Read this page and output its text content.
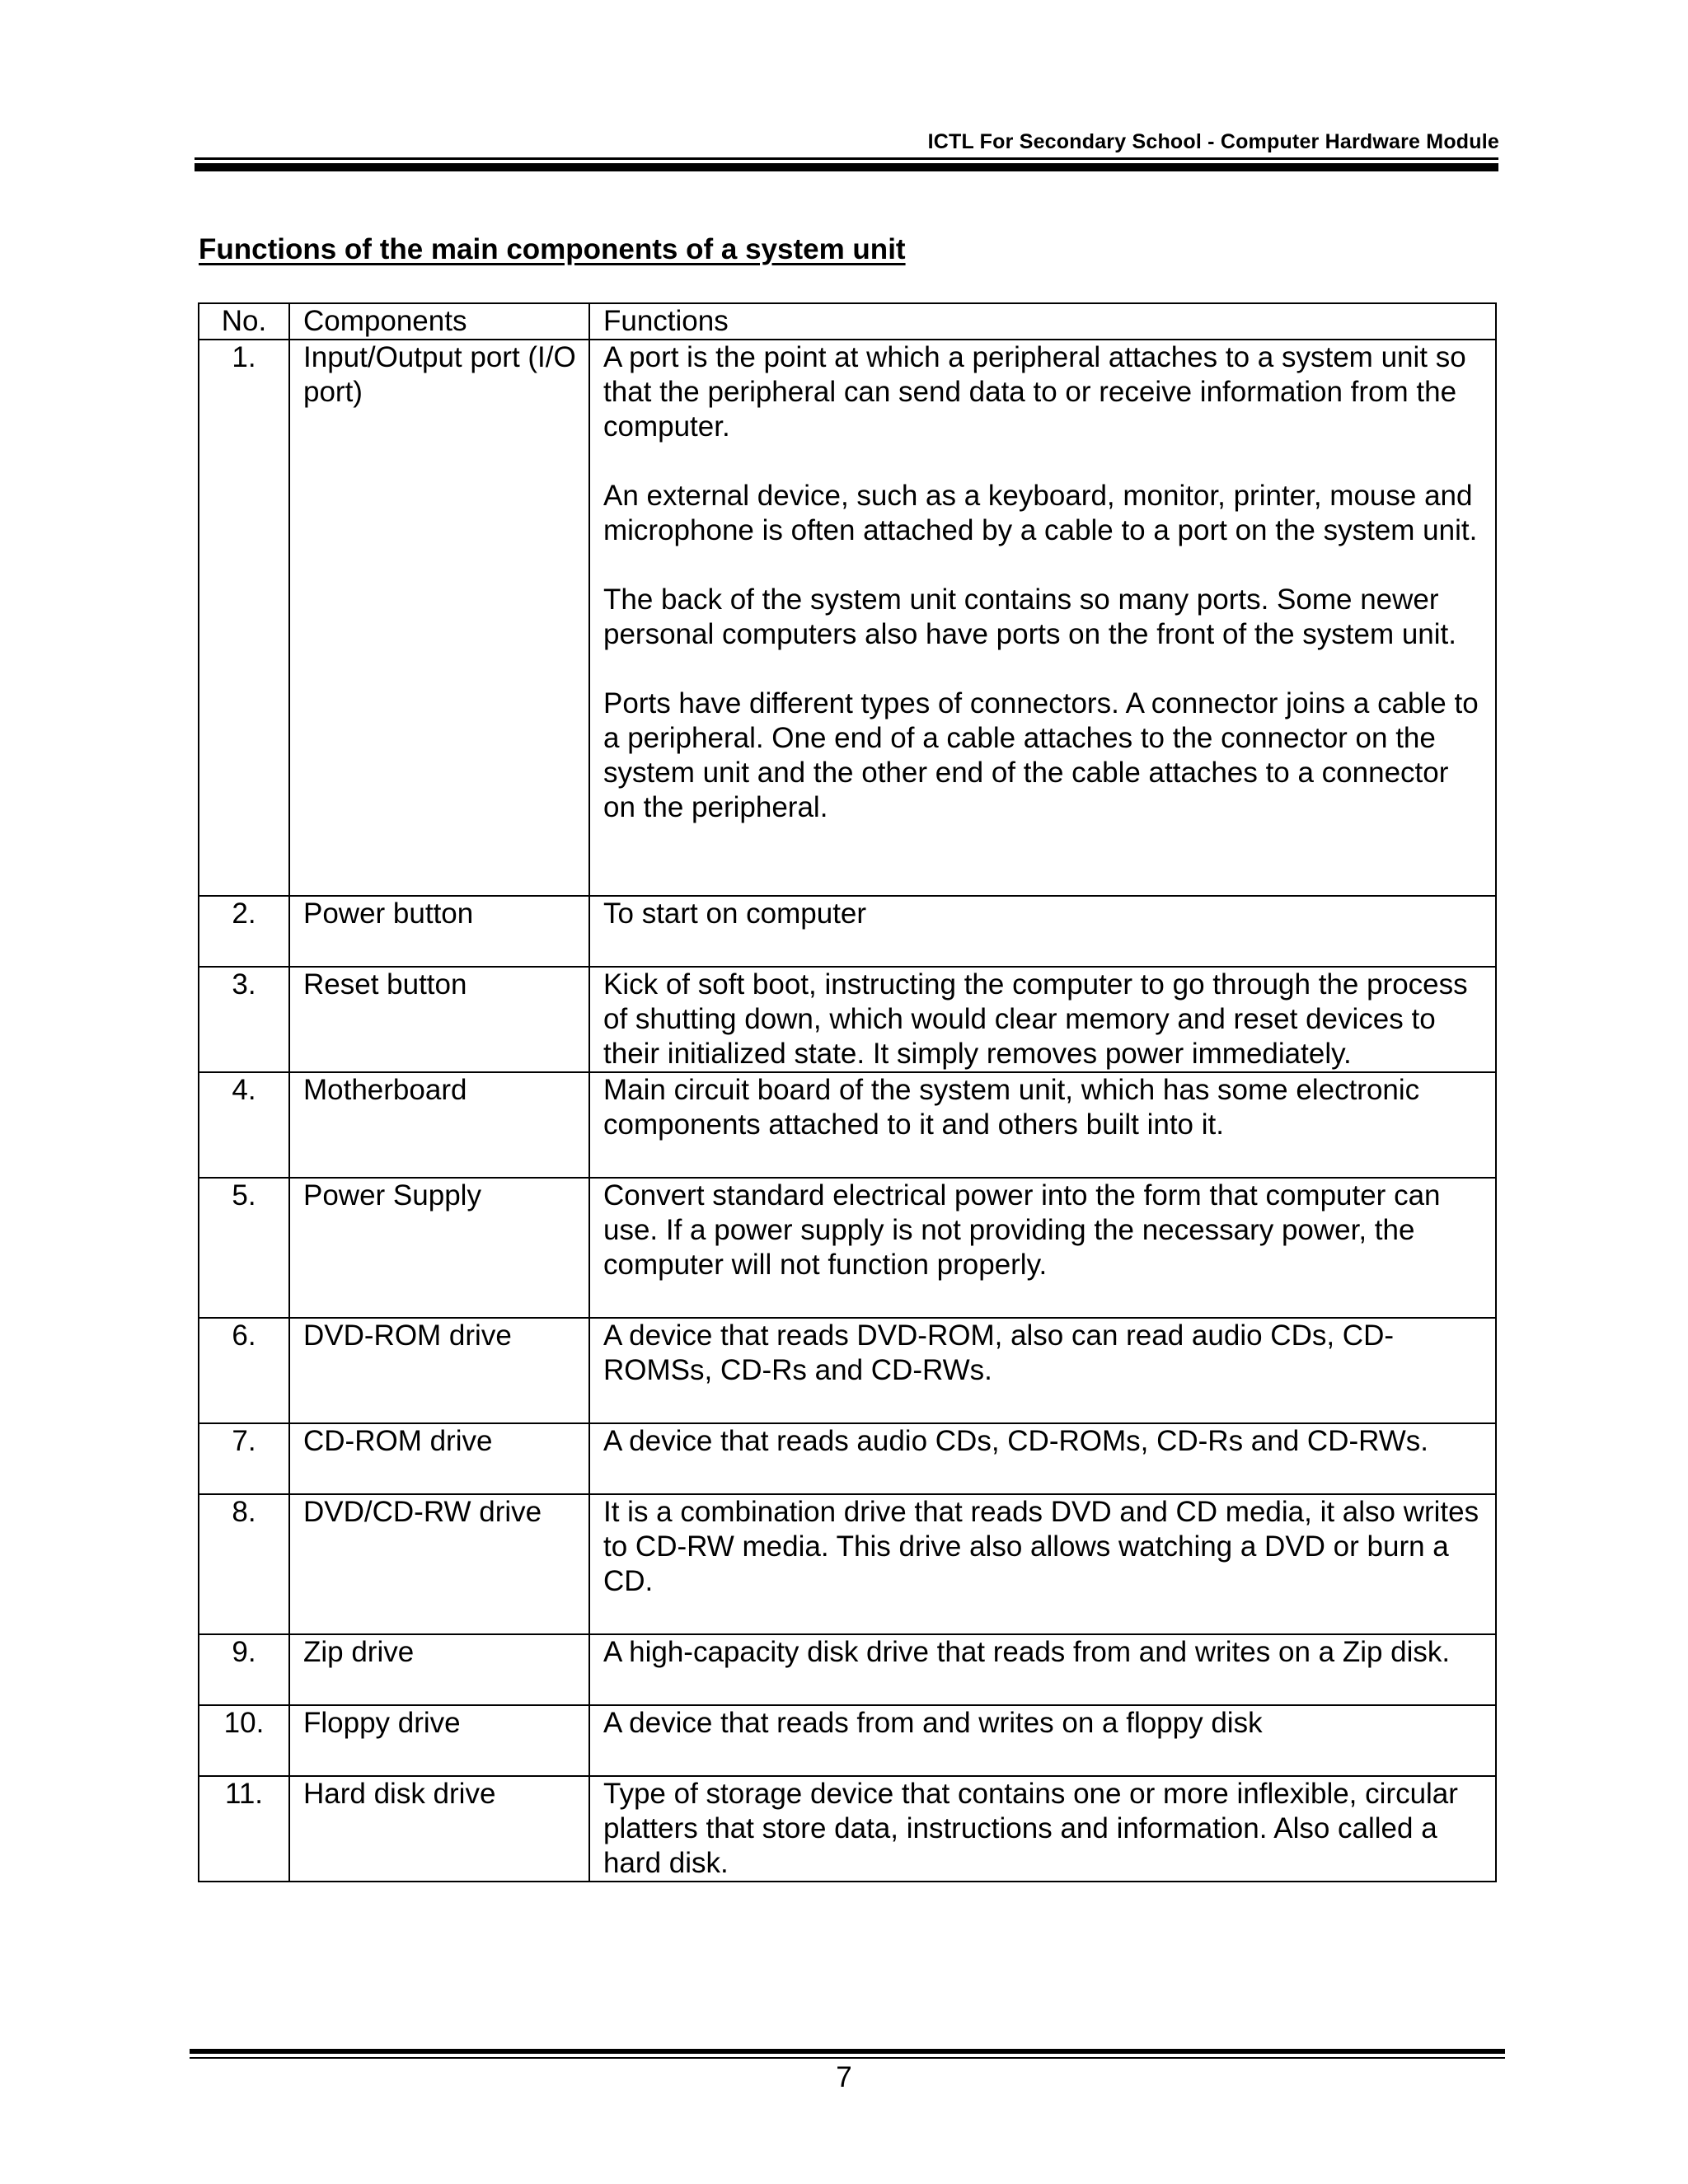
ICTL For Secondary School - Computer Hardware Module
Functions of the main components of a system unit
No.	Components	Functions
1.	Input/Output port (I/O port)	A port is the point at which a peripheral attaches to a system unit so that the peripheral can send data to or receive information from the computer.
An external device, such as a keyboard, monitor, printer, mouse and microphone is often attached by a cable to a port on the system unit.
The back of the system unit contains so many ports. Some newer personal computers also have ports on the front of the system unit.
Ports have different types of connectors. A connector joins a cable to a peripheral. One end of a cable attaches to the connector on the system unit and the other end of the cable attaches to a connector on the peripheral.

2.	Power button	To start on computer

3.	Reset button	Kick of soft boot, instructing the computer to go through the process of shutting down, which would clear memory and reset devices to their initialized state. It simply removes power immediately.

4.	Motherboard	Main circuit board of the system unit, which has some electronic components attached to it and others built into it.

5.	Power Supply	Convert standard electrical power into the form that computer can use. If a power supply is not providing the necessary power, the computer will not function properly.

6.	DVD-ROM drive	A device that reads DVD-ROM, also can read audio CDs, CD-ROMSs, CD-Rs and CD-RWs.

7.	CD-ROM drive	A device that reads audio CDs, CD-ROMs, CD-Rs and CD-RWs.

8.	DVD/CD-RW drive	It is a combination drive that reads DVD and CD media, it also writes to CD-RW media. This drive also allows watching a DVD or burn a CD.

9.	Zip drive	A high-capacity disk drive that reads from and writes on a Zip disk.

10.	Floppy drive	A device that reads from and writes on a floppy disk

11.	Hard disk drive	Type of storage device that contains one or more inflexible, circular platters that store data, instructions and information. Also called a hard disk.
7
